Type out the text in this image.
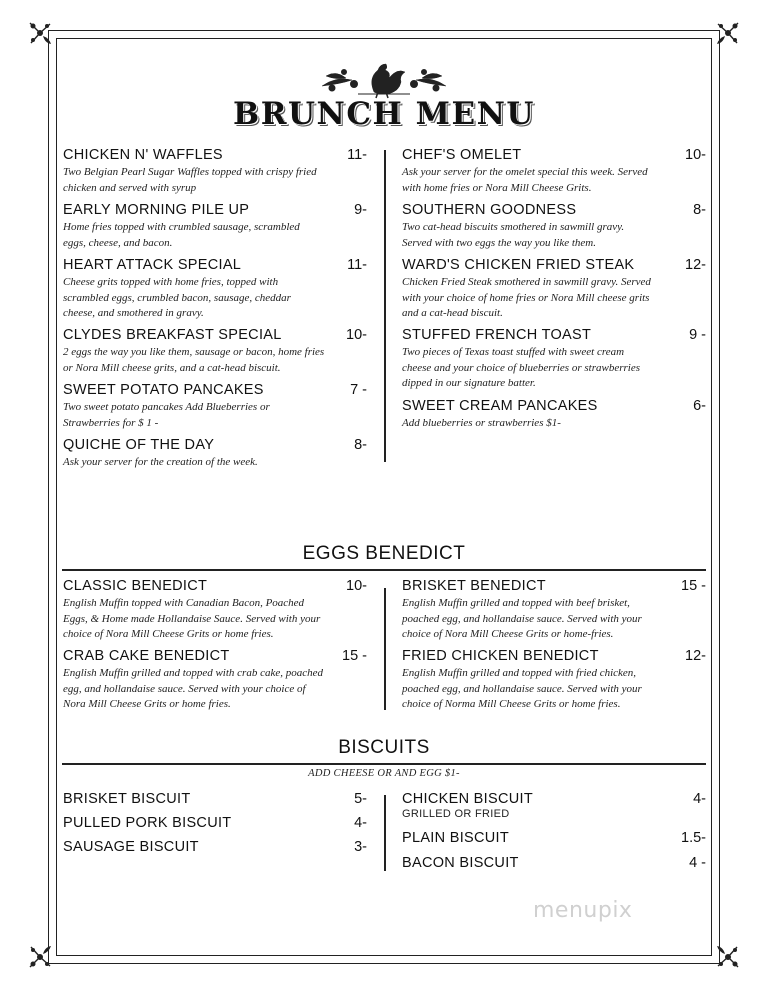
BRUNCH MENU
CHICKEN N' WAFFLES	11-
Two Belgian Pearl Sugar Waffles topped with crispy fried chicken and served with syrup
EARLY MORNING PILE UP	9-
Home fries topped with crumbled sausage, scrambled eggs, cheese, and bacon.
HEART ATTACK SPECIAL	11-
Cheese grits topped with home fries, topped with scrambled eggs, crumbled bacon, sausage, cheddar cheese, and smothered in gravy.
CLYDES BREAKFAST SPECIAL	10-
2 eggs the way you like them, sausage or bacon, home fries or Nora Mill cheese grits, and a cat-head biscuit.
SWEET POTATO PANCAKES	7 -
Two sweet potato pancakes Add Blueberries or Strawberries for $ 1 -
QUICHE OF THE DAY	8-
Ask your server for the creation of the week.
CHEF'S OMELET	10-
Ask your server for the omelet special this week. Served with home fries or Nora Mill Cheese Grits.
SOUTHERN GOODNESS	8-
Two cat-head biscuits smothered in sawmill gravy. Served with two eggs the way you like them.
WARD'S CHICKEN FRIED STEAK	12-
Chicken Fried Steak smothered in sawmill gravy. Served with your choice of home fries or Nora Mill cheese grits and a cat-head biscuit.
STUFFED FRENCH TOAST	9 -
Two pieces of Texas toast stuffed with sweet cream cheese and your choice of blueberries or strawberries dipped in our signature batter.
SWEET CREAM PANCAKES	6-
Add blueberries or strawberries $1-
EGGS BENEDICT
CLASSIC BENEDICT	10-
English Muffin topped with Canadian Bacon, Poached Eggs, & Home made Hollandaise Sauce. Served with your choice of Nora Mill Cheese Grits or home fries.
CRAB CAKE BENEDICT	15 -
English Muffin grilled and topped with crab cake, poached egg, and hollandaise sauce. Served with your choice of Nora Mill Cheese Grits or home fries.
BRISKET BENEDICT	15 -
English Muffin grilled and topped with beef brisket, poached egg, and hollandaise sauce. Served with your choice of Nora Mill Cheese Grits or home-fries.
FRIED CHICKEN BENEDICT	12-
English Muffin grilled and topped with fried chicken, poached egg, and hollandaise sauce. Served with your choice of Norma Mill Cheese Grits or home fries.
BISCUITS
ADD CHEESE OR AND EGG $1-
BRISKET BISCUIT	5-
PULLED PORK BISCUIT	4-
SAUSAGE BISCUIT	3-
CHICKEN BISCUIT	4-
GRILLED OR FRIED
PLAIN BISCUIT	1.5-
BACON BISCUIT	4 -
menupix
